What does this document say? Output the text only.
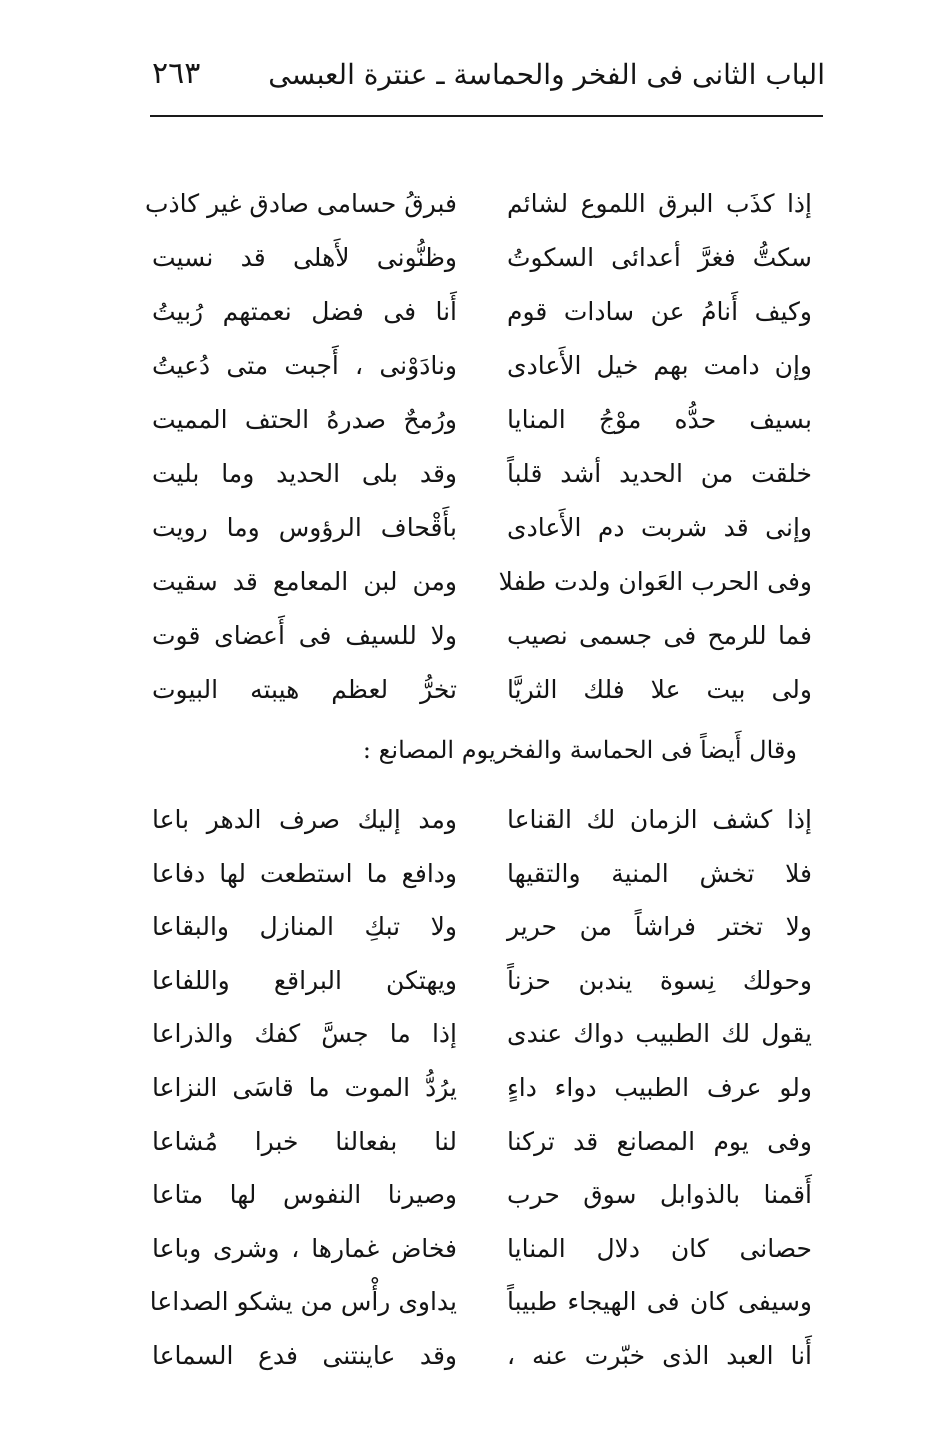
الباب الثانى فى الفخر والحماسة ـ عنترة العبسى
٢٦٣
إذا كذَب البرق اللموع لشائم
فبرقُ حسامى صادق غير كاذب
سكتُّ فغرَّ أعدائى السكوتُ
وظنُّونى لأَهلى قد نسيت
وكيف أَنامُ عن سادات قوم
أَنا فى فضل نعمتهم رُبيتُ
وإن دامت بهم خيل الأَعادى
ونادَوْنى ، أَجبت متى دُعيتُ
بسيف حدُّه موْجُ المنايا
ورُمحٌ صدرهُ الحتف المميت
خلقت من الحديد أشد قلباً
وقد بلى الحديد وما بليت
وإنى قد شربت دم الأَعادى
بأَقْحاف الرؤوس وما رويت
وفى الحرب العَوان ولدت طفلا
ومن لبن المعامع قد سقيت
فما للرمح فى جسمى نصيب
ولا للسيف فى أَعضاى قوت
ولى بيت علا فلك الثريَّا
تخرُّ لعظم هيبته البيوت
وقال أَيضاً فى الحماسة والفخريوم المصانع :
إذا كشف الزمان لك القناعا
ومد إليك صرف الدهر باعا
فلا تخش المنية والتقيها
ودافع ما استطعت لها دفاعا
ولا تختر فراشاً من حرير
ولا تبكِ المنازل والبقاعا
وحولك نِسوة يندبن حزناً
ويهتكن البراقع واللفاعا
يقول لك الطبيب دواك عندى
إذا ما جسَّ كفك والذراعا
ولو عرف الطبيب دواء داءٍ
يرُدُّ الموت ما قاسَى النزاعا
وفى يوم المصانع قد تركنا
لنا بفعالنا خبرا مُشاعا
أَقمنا بالذوابل سوق حرب
وصيرنا النفوس لها متاعا
حصانى كان دلال المنايا
فخاض غمارها ، وشرى وباعا
وسيفى كان فى الهيجاء طبيباً
يداوى رأْس من يشكو الصداعا
أَنا العبد الذى خبّرت عنه ،
وقد عاينتنى فدع السماعا
